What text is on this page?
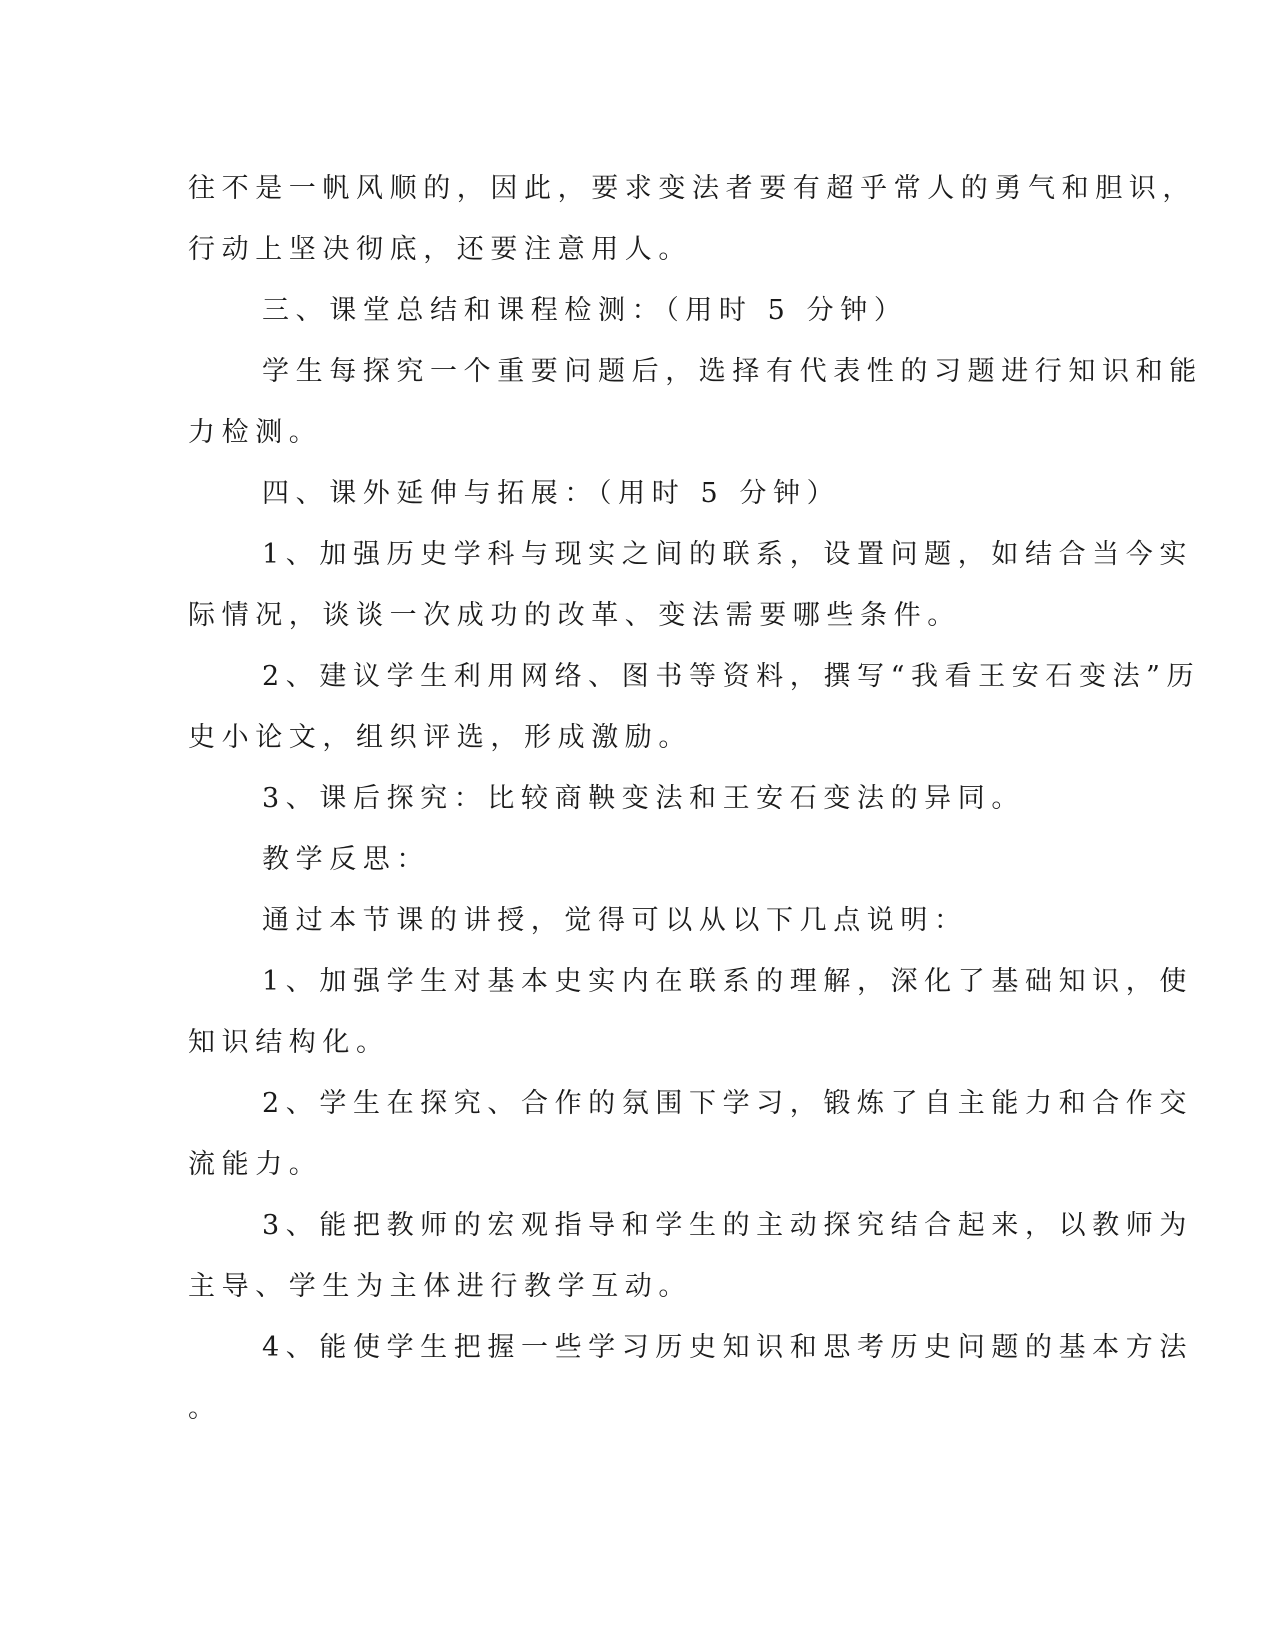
往不是一帆风顺的，因此，要求变法者要有超乎常人的勇气和胆识，
行动上坚决彻底，还要注意用人。
三、课堂总结和课程检测：（用时 5 分钟）
学生每探究一个重要问题后，选择有代表性的习题进行知识和能
力检测。
四、课外延伸与拓展：（用时 5 分钟）
1、加强历史学科与现实之间的联系，设置问题，如结合当今实
际情况，谈谈一次成功的改革、变法需要哪些条件。
2、建议学生利用网络、图书等资料，撰写“我看王安石变法”历
史小论文，组织评选，形成激励。
3、课后探究：比较商鞅变法和王安石变法的异同。
教学反思：
通过本节课的讲授，觉得可以从以下几点说明：
1、加强学生对基本史实内在联系的理解，深化了基础知识，使
知识结构化。
2、学生在探究、合作的氛围下学习，锻炼了自主能力和合作交
流能力。
3、能把教师的宏观指导和学生的主动探究结合起来，以教师为
主导、学生为主体进行教学互动。
4、能使学生把握一些学习历史知识和思考历史问题的基本方法
。
